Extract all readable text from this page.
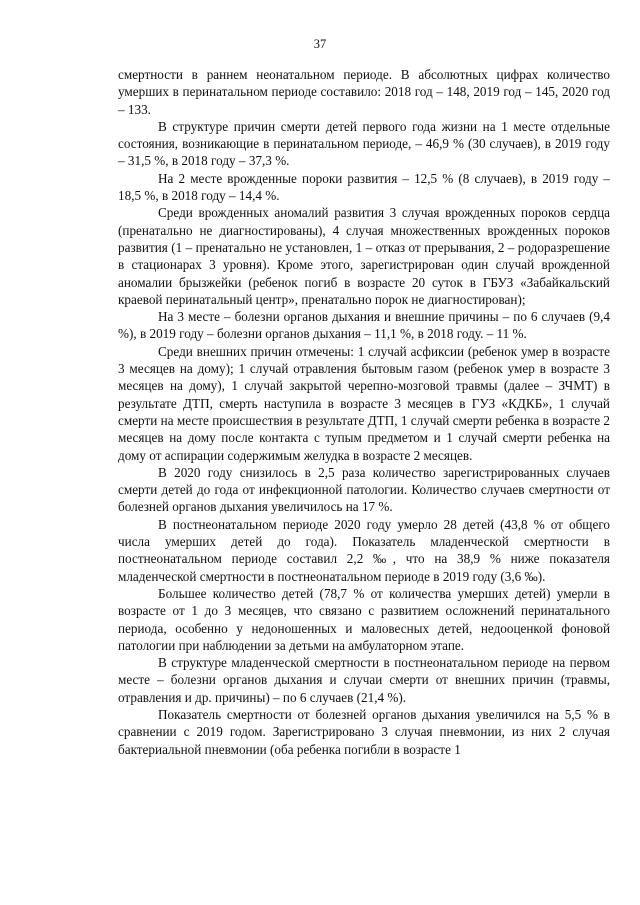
37

смертности в раннем неонатальном периоде. В абсолютных цифрах количество умерших в перинатальном периоде составило: 2018 год – 148, 2019 год – 145, 2020 год – 133.

В структуре причин смерти детей первого года жизни на 1 месте отдельные состояния, возникающие в перинатальном периоде, – 46,9 % (30 случаев), в 2019 году – 31,5 %, в 2018 году – 37,3 %.

На 2 месте врожденные пороки развития – 12,5 % (8 случаев), в 2019 году – 18,5 %, в 2018 году – 14,4 %.

Среди врожденных аномалий развития 3 случая врожденных пороков сердца (пренатально не диагностированы), 4 случая множественных врожденных пороков развития (1 – пренатально не установлен, 1 – отказ от прерывания, 2 – родоразрешение в стационарах 3 уровня). Кроме этого, зарегистрирован один случай врожденной аномалии брызжейки (ребенок погиб в возрасте 20 суток в ГБУЗ «Забайкальский краевой перинатальный центр», пренатально порок не диагностирован);

На 3 месте – болезни органов дыхания и внешние причины – по 6 случаев (9,4 %), в 2019 году – болезни органов дыхания – 11,1 %, в 2018 году. – 11 %.

Среди внешних причин отмечены: 1 случай асфиксии (ребенок умер в возрасте 3 месяцев на дому); 1 случай отравления бытовым газом (ребенок умер в возрасте 3 месяцев на дому), 1 случай закрытой черепно-мозговой травмы (далее – ЗЧМТ) в результате ДТП, смерть наступила в возрасте 3 месяцев в ГУЗ «КДКБ», 1 случай смерти на месте происшествия в результате ДТП, 1 случай смерти ребенка в возрасте 2 месяцев на дому после контакта с тупым предметом и 1 случай смерти ребенка на дому от аспирации содержимым желудка в возрасте 2 месяцев.

В 2020 году снизилось в 2,5 раза количество зарегистрированных случаев смерти детей до года от инфекционной патологии. Количество случаев смертности от болезней органов дыхания увеличилось на 17 %.

В постнеонатальном периоде 2020 году умерло 28 детей (43,8 % от общего числа умерших детей до года). Показатель младенческой смертности в постнеонатальном периоде составил 2,2 ‰, что на 38,9 % ниже показателя младенческой смертности в постнеонатальном периоде в 2019 году (3,6 ‰).

Большее количество детей (78,7 % от количества умерших детей) умерли в возрасте от 1 до 3 месяцев, что связано с развитием осложнений перинатального периода, особенно у недоношенных и маловесных детей, недооценкой фоновой патологии при наблюдении за детьми на амбулаторном этапе.

В структуре младенческой смертности в постнеонатальном периоде на первом месте – болезни органов дыхания и случаи смерти от внешних причин (травмы, отравления и др. причины) – по 6 случаев (21,4 %).

Показатель смертности от болезней органов дыхания увеличился на 5,5 % в сравнении с 2019 годом. Зарегистрировано 3 случая пневмонии, из них 2 случая бактериальной пневмонии (оба ребенка погибли в возрасте 1
